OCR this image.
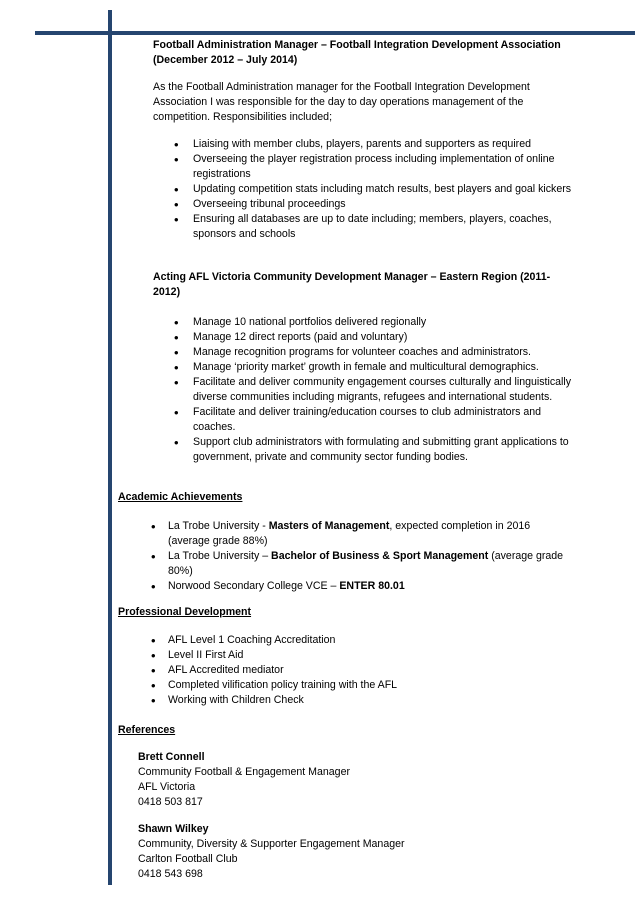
Football Administration Manager – Football Integration Development Association
(December 2012 – July 2014)

As the Football Administration manager for the Football Integration Development Association I was responsible for the day to day operations management of the competition. Responsibilities included;

• Liaising with member clubs, players, parents and supporters as required
• Overseeing the player registration process including implementation of online registrations
• Updating competition stats including match results, best players and goal kickers
• Overseeing tribunal proceedings
• Ensuring all databases are up to date including; members, players, coaches, sponsors and schools

Acting AFL Victoria Community Development Manager – Eastern Region (2011-2012)

• Manage 10 national portfolios delivered regionally
• Manage 12 direct reports (paid and voluntary)
• Manage recognition programs for volunteer coaches and administrators.
• Manage ‘priority market’ growth in female and multicultural demographics.
• Facilitate and deliver community engagement courses culturally and linguistically diverse communities including migrants, refugees and international students.
• Facilitate and deliver training/education courses to club administrators and coaches.
• Support club administrators with formulating and submitting grant applications to government, private and community sector funding bodies.

Academic Achievements

• La Trobe University - Masters of Management, expected completion in 2016 (average grade 88%)
• La Trobe University – Bachelor of Business & Sport Management (average grade 80%)
• Norwood Secondary College VCE – ENTER 80.01

Professional Development

• AFL Level 1 Coaching Accreditation
• Level II First Aid
• AFL Accredited mediator
• Completed vilification policy training with the AFL
• Working with Children Check

References

Brett Connell
Community Football & Engagement Manager
AFL Victoria
0418 503 817
Shawn Wilkey
Community, Diversity & Supporter Engagement Manager
Carlton Football Club
0418 543 698
